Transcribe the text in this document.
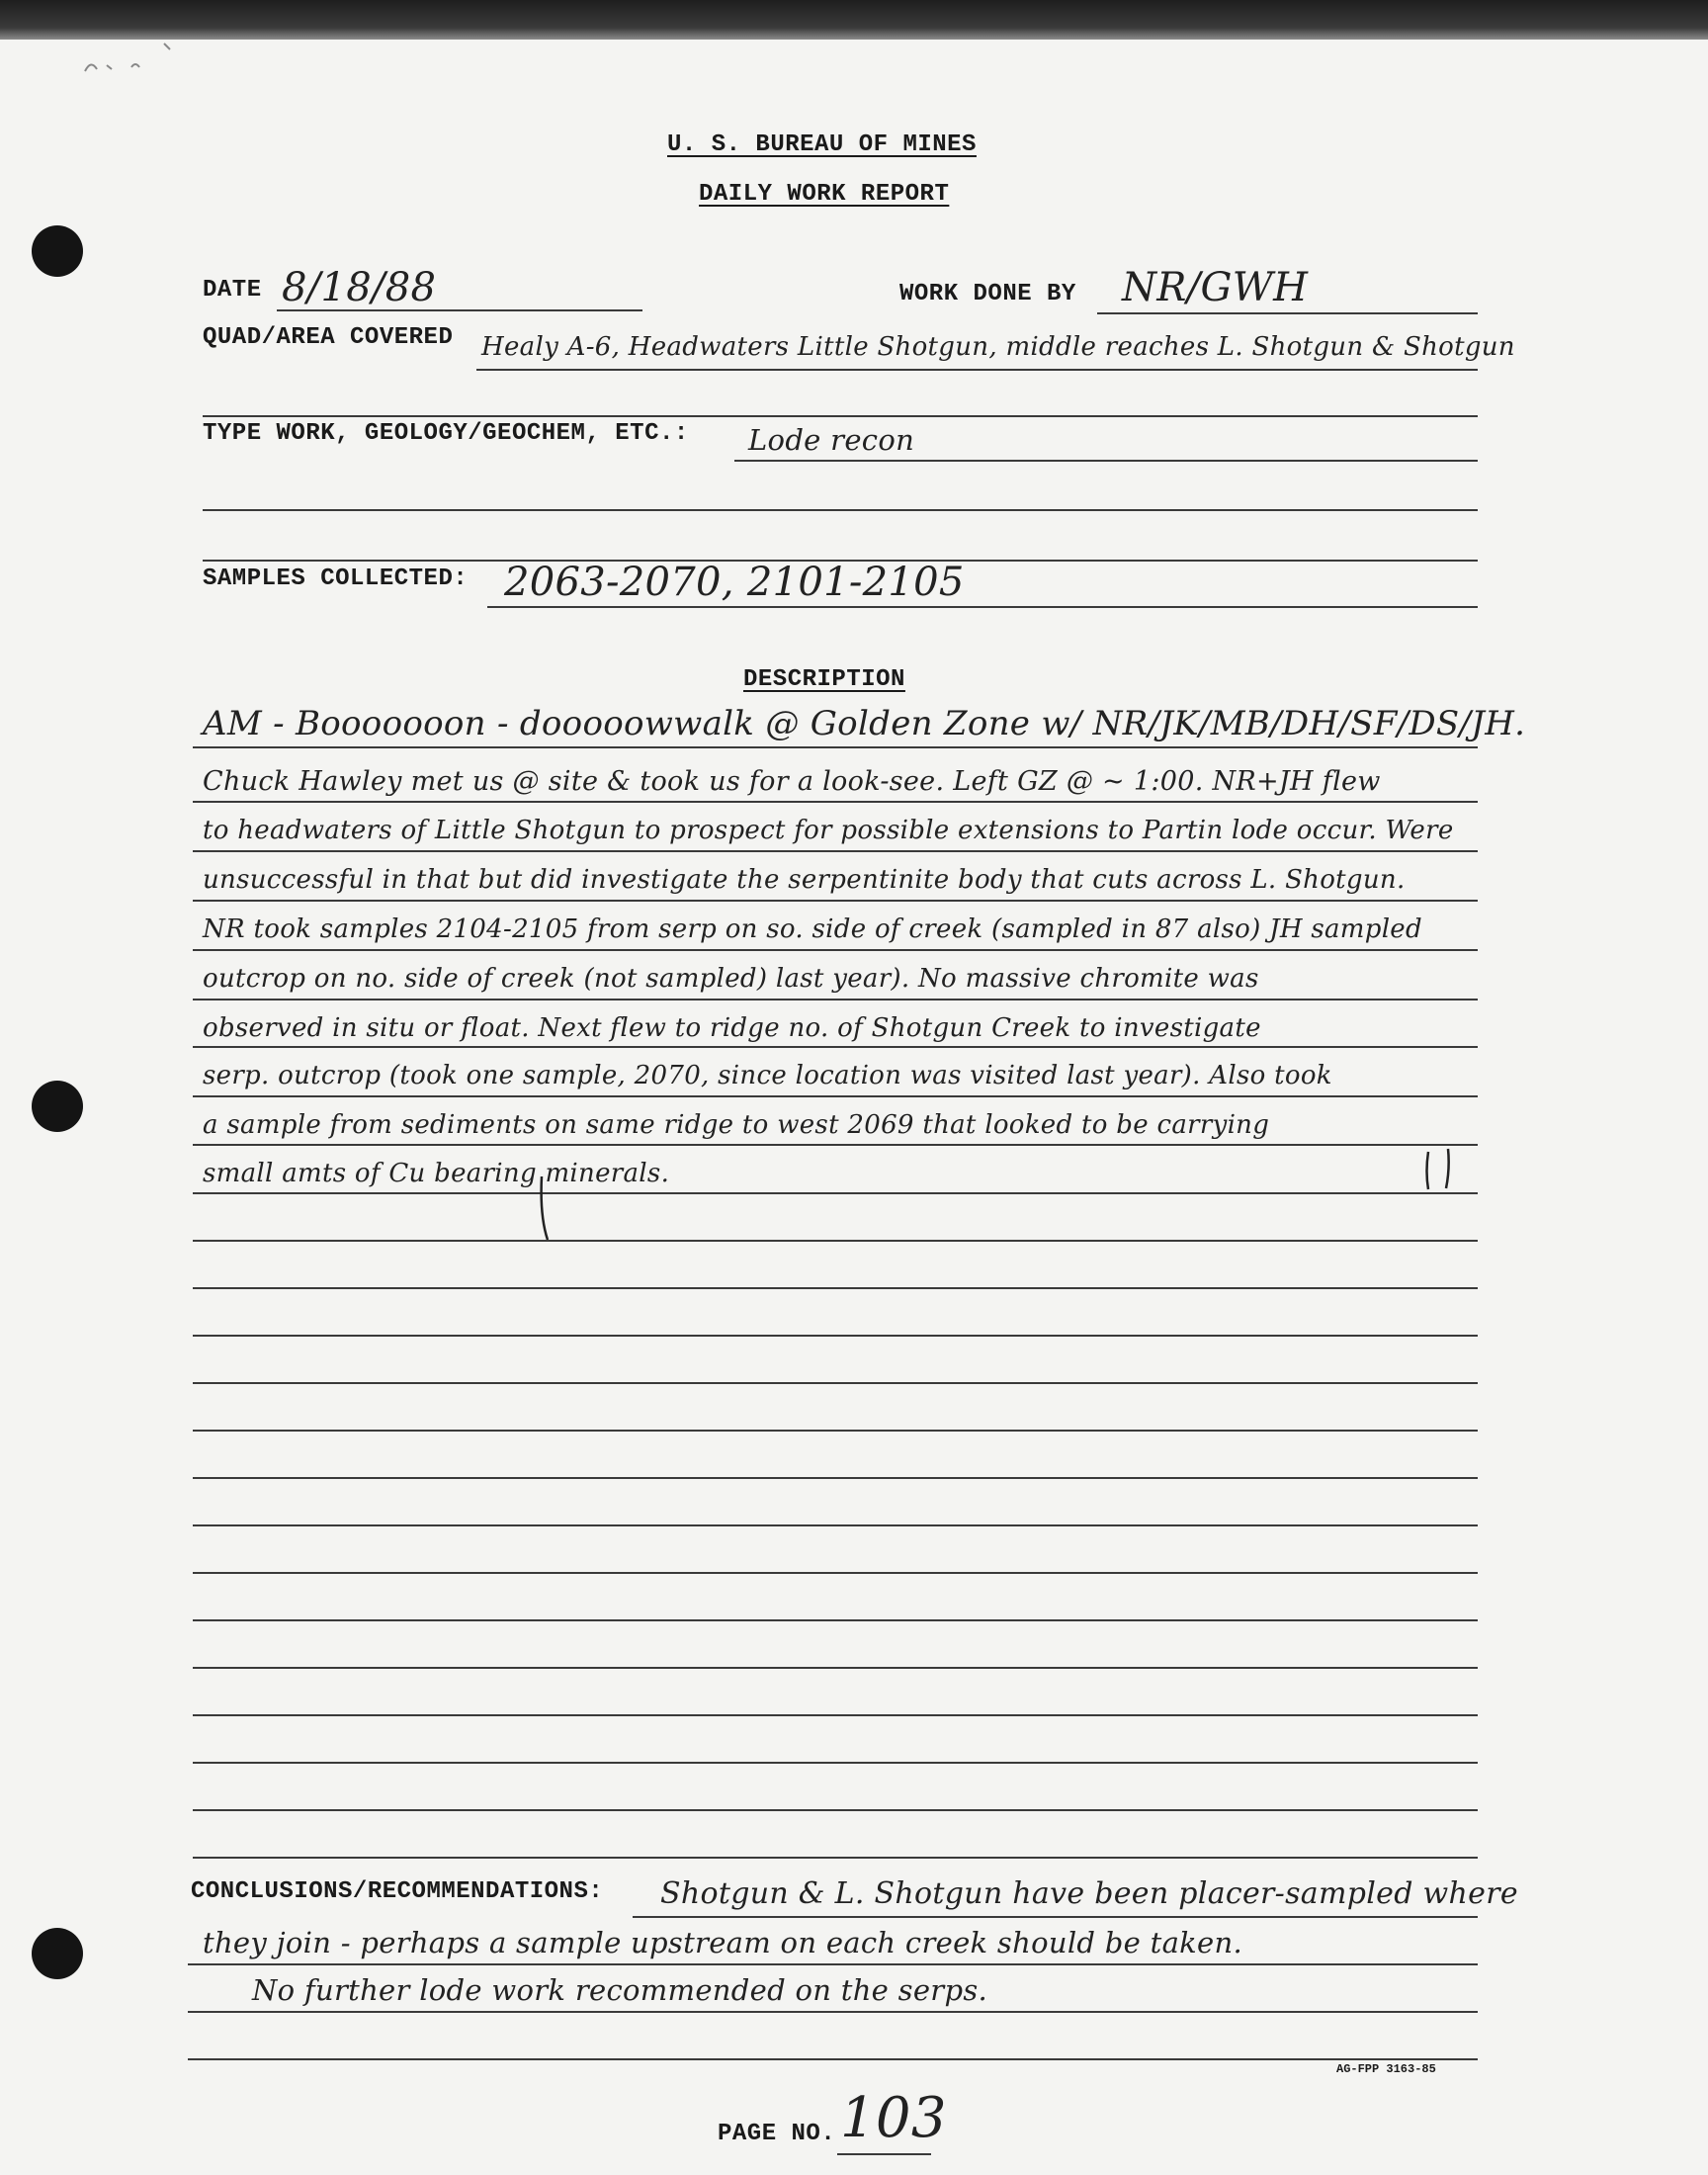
U. S. BUREAU OF MINES
DAILY WORK REPORT
DATE 8/18/88	WORK DONE BY NR/GWH
QUAD/AREA COVERED Healy A-6, Headwaters Little Shotgun, middle reaches L. Shotgun & Shotgun
TYPE WORK, GEOLOGY/GEOCHEM, ETC.: Lode recon
SAMPLES COLLECTED: 2063-2070, 2101-2105
DESCRIPTION
AM - Booooooon - dooooowwalk @ Golden Zone w/ NR/JK/MB/DH/SF/DS/JH.
Chuck Hawley met us @ site & took us for a look-see. Left GZ @ ~ 1:00. NR+JH flew
to headwaters of Little Shotgun to prospect for possible extensions to Partin lode occur. Were
unsuccessful in that but did investigate the serpentinite body that cuts across L. Shotgun.
NR took samples 2104-2105 from serp on so. side of creek (sampled in 87 also) JH sampled
outcrop on no. side of creek (not sampled) last year). No massive chromite was
observed in situ or float. Next flew to ridge no. of Shotgun Creek to investigate
serp. outcrop (took one sample, 2070, since location was visited last year). Also took
a sample from sediments on same ridge to west 2069 that looked to be carrying
small amts of Cu bearing minerals.
CONCLUSIONS/RECOMMENDATIONS: Shotgun & L. Shotgun have been placer-sampled where
they join - perhaps a sample upstream on each creek should be taken.
No further lode work recommended on the serps.
AG-FPP 3163-85
PAGE NO. 103
